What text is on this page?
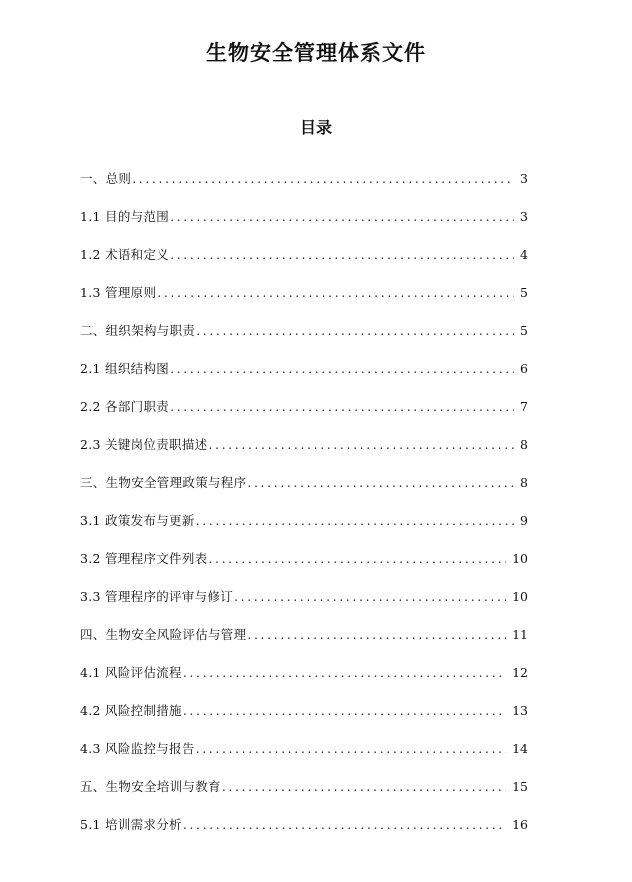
生物安全管理体系文件
目录
一、总则 .....	3
1.1 目的与范围 .....	3
1.2 术语和定义 .....	4
1.3 管理原则 .....	5
二、组织架构与职责 .....	5
2.1 组织结构图 .....	6
2.2 各部门职责 .....	7
2.3 关键岗位责职描述 .....	8
三、生物安全管理政策与程序 .....	8
3.1 政策发布与更新 .....	9
3.2 管理程序文件列表 .....	10
3.3 管理程序的评审与修订 .....	10
四、生物安全风险评估与管理 .....	11
4.1 风险评估流程 .....	12
4.2 风险控制措施 .....	13
4.3 风险监控与报告 .....	14
五、生物安全培训与教育 .....	15
5.1 培训需求分析 .....	16
